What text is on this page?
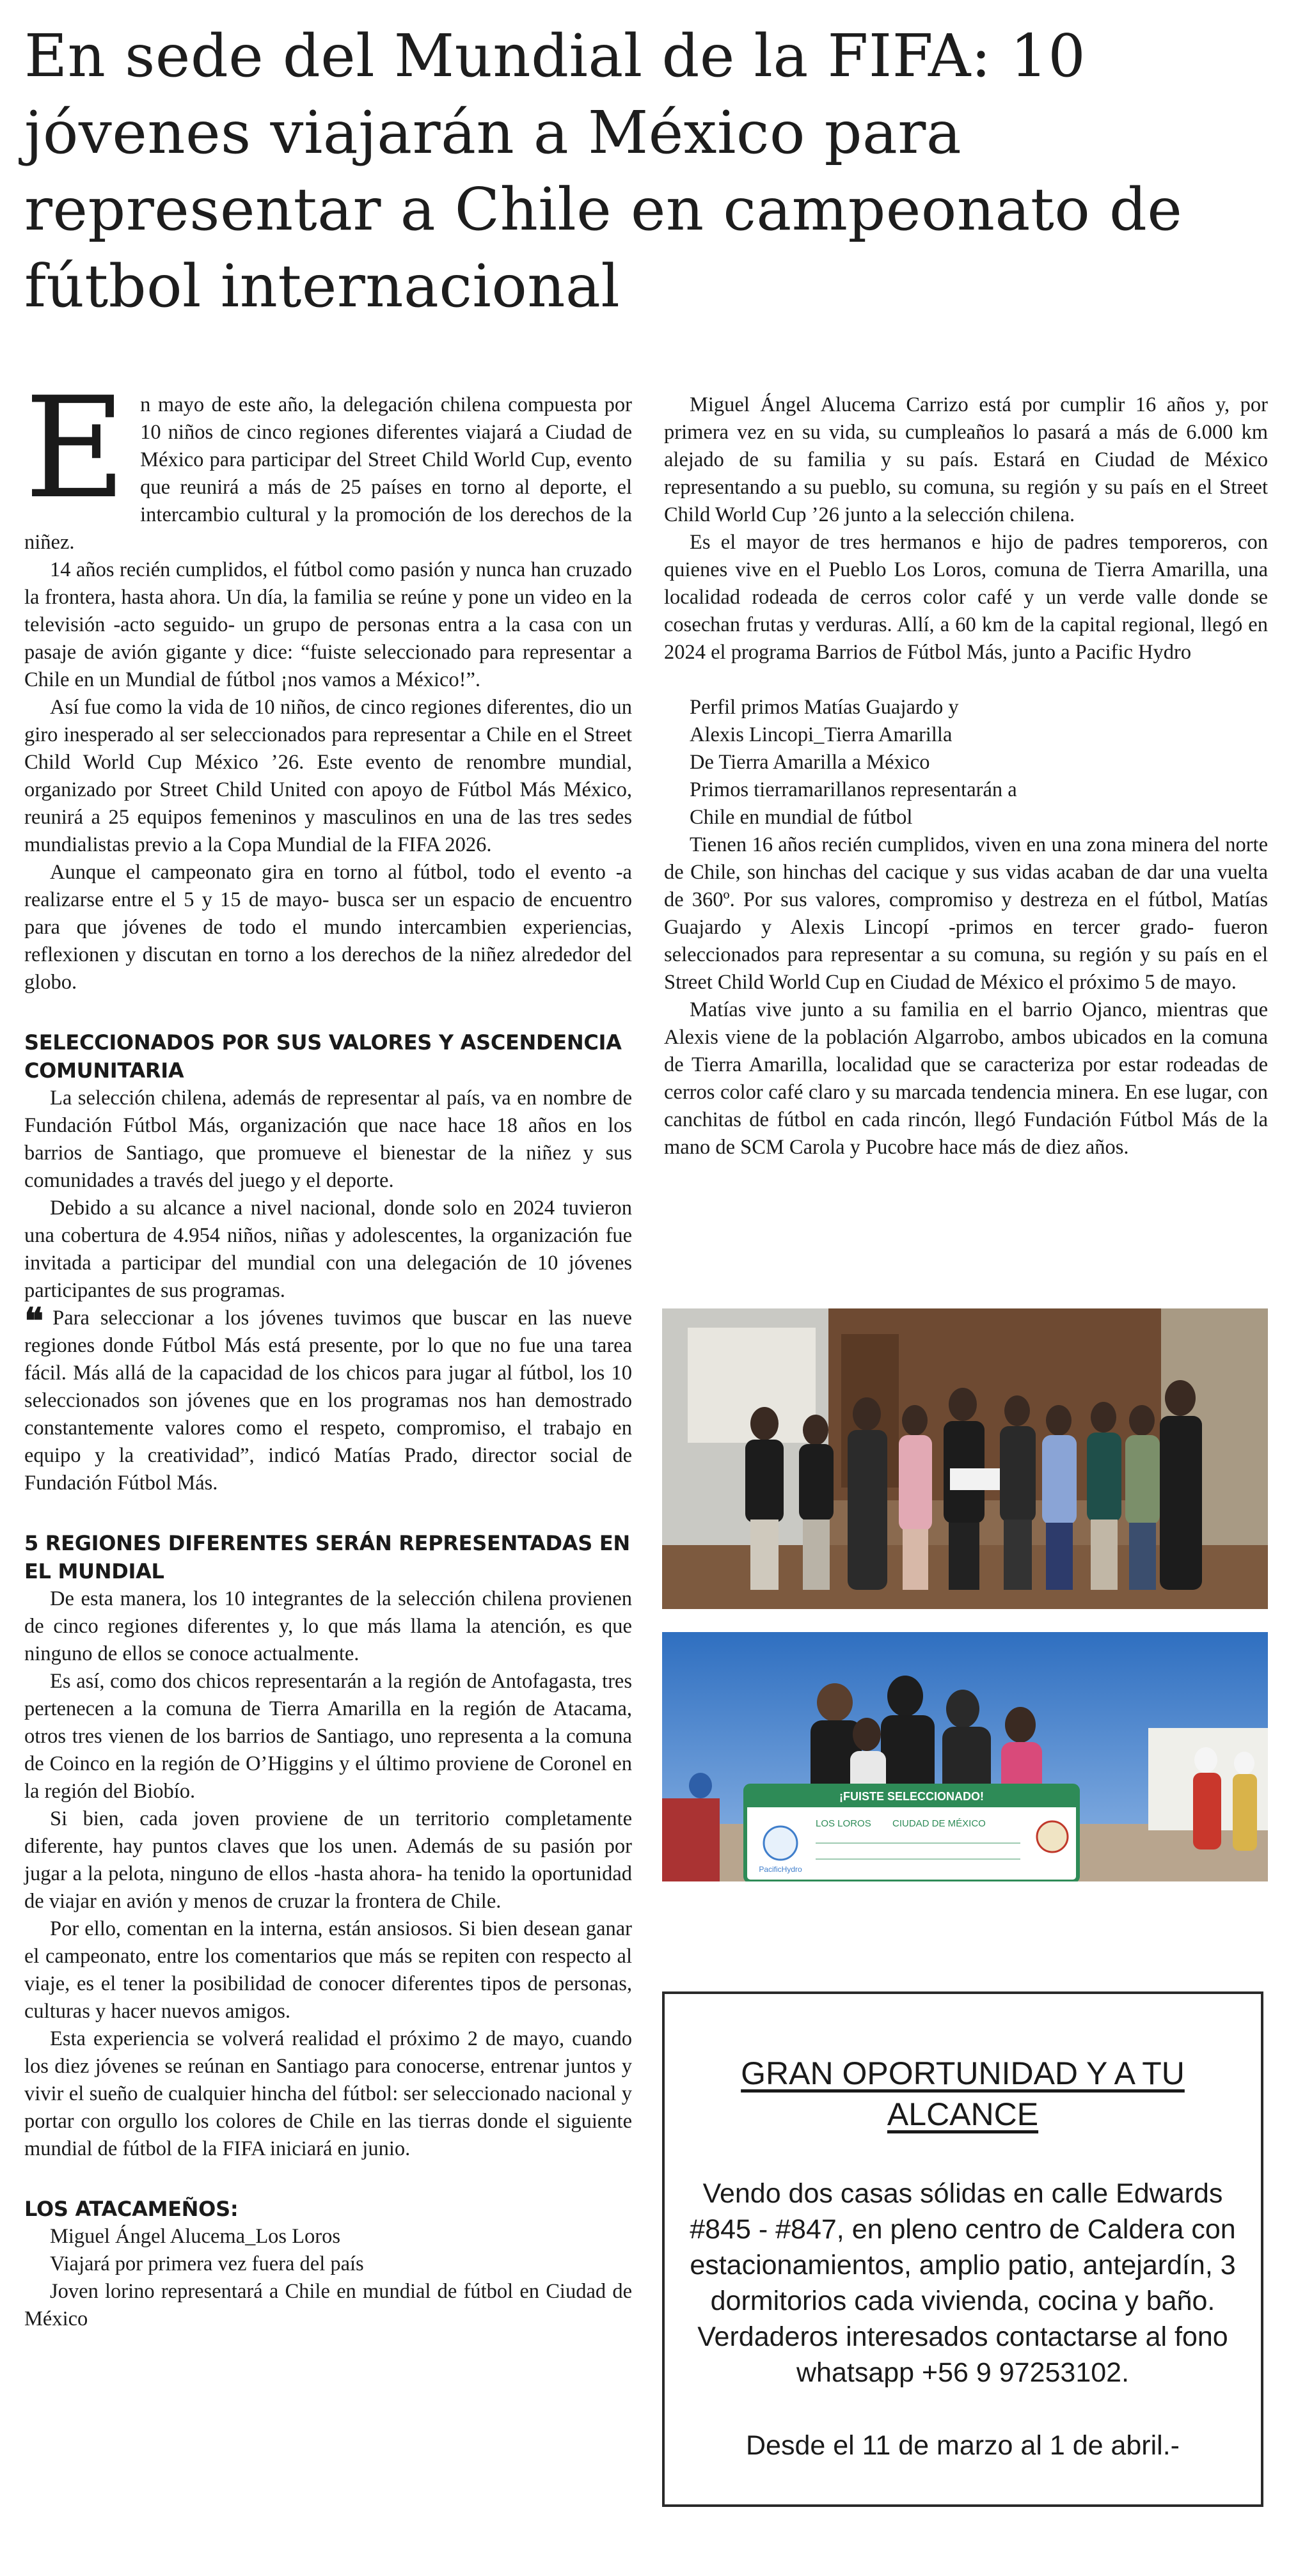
En sede del Mundial de la FIFA: 10 jóvenes viajarán a México para representar a Chile en campeonato de fútbol internacional

En mayo de este año, la delegación chilena compuesta por 10 niños de cinco regiones diferentes viajará a Ciudad de México para participar del Street Child World Cup, evento que reunirá a más de 25 países en torno al deporte, el intercambio cultural y la promoción de los derechos de la niñez.

14 años recién cumplidos, el fútbol como pasión y nunca han cruzado la frontera, hasta ahora. Un día, la familia se reúne y pone un video en la televisión -acto seguido- un grupo de personas entra a la casa con un pasaje de avión gigante y dice: “fuiste seleccionado para representar a Chile en un Mundial de fútbol ¡nos vamos a México!”.

Así fue como la vida de 10 niños, de cinco regiones diferentes, dio un giro inesperado al ser seleccionados para representar a Chile en el Street Child World Cup México ’26. Este evento de renombre mundial, organizado por Street Child United con apoyo de Fútbol Más México, reunirá a 25 equipos femeninos y masculinos en una de las tres sedes mundialistas previo a la Copa Mundial de la FIFA 2026.

Aunque el campeonato gira en torno al fútbol, todo el evento -a realizarse entre el 5 y 15 de mayo- busca ser un espacio de encuentro para que jóvenes de todo el mundo intercambien experiencias, reflexionen y discutan en torno a los derechos de la niñez alrededor del globo.

SELECCIONADOS POR SUS VALORES Y ASCENDENCIA COMUNITARIA

La selección chilena, además de representar al país, va en nombre de Fundación Fútbol Más, organización que nace hace 18 años en los barrios de Santiago, que promueve el bienestar de la niñez y sus comunidades a través del juego y el deporte.

Debido a su alcance a nivel nacional, donde solo en 2024 tuvieron una cobertura de 4.954 niños, niñas y adolescentes, la organización fue invitada a participar del mundial con una delegación de 10 jóvenes participantes de sus programas.

❝ Para seleccionar a los jóvenes tuvimos que buscar en las nueve regiones donde Fútbol Más está presente, por lo que no fue una tarea fácil. Más allá de la capacidad de los chicos para jugar al fútbol, los 10 seleccionados son jóvenes que en los programas nos han demostrado constantemente valores como el respeto, compromiso, el trabajo en equipo y la creatividad”, indicó Matías Prado, director social de Fundación Fútbol Más.

5 REGIONES DIFERENTES SERÁN REPRESENTADAS EN EL MUNDIAL

De esta manera, los 10 integrantes de la selección chilena provienen de cinco regiones diferentes y, lo que más llama la atención, es que ninguno de ellos se conoce actualmente.

Es así, como dos chicos representarán a la región de Antofagasta, tres pertenecen a la comuna de Tierra Amarilla en la región de Atacama, otros tres vienen de los barrios de Santiago, uno representa a la comuna de Coinco en la región de O’Higgins y el último proviene de Coronel en la región del Biobío.

Si bien, cada joven proviene de un territorio completamente diferente, hay puntos claves que los unen. Además de su pasión por jugar a la pelota, ninguno de ellos -hasta ahora- ha tenido la oportunidad de viajar en avión y menos de cruzar la frontera de Chile.

Por ello, comentan en la interna, están ansiosos. Si bien desean ganar el campeonato, entre los comentarios que más se repiten con respecto al viaje, es el tener la posibilidad de conocer diferentes tipos de personas, culturas y hacer nuevos amigos.

Esta experiencia se volverá realidad el próximo 2 de mayo, cuando los diez jóvenes se reúnan en Santiago para conocerse, entrenar juntos y vivir el sueño de cualquier hincha del fútbol: ser seleccionado nacional y portar con orgullo los colores de Chile en las tierras donde el siguiente mundial de fútbol de la FIFA iniciará en junio.

LOS ATACAMEÑOS:

Miguel Ángel Alucema_Los Loros

Viajará por primera vez fuera del país

Joven lorino representará a Chile en mundial de fútbol en Ciudad de México

Miguel Ángel Alucema Carrizo está por cumplir 16 años y, por primera vez en su vida, su cumpleaños lo pasará a más de 6.000 km alejado de su familia y su país. Estará en Ciudad de México representando a su pueblo, su comuna, su región y su país en el Street Child World Cup ’26 junto a la selección chilena.

Es el mayor de tres hermanos e hijo de padres temporeros, con quienes vive en el Pueblo Los Loros, comuna de Tierra Amarilla, una localidad rodeada de cerros color café y un verde valle donde se cosechan frutas y verduras. Allí, a 60 km de la capital regional, llegó en 2024 el programa Barrios de Fútbol Más, junto a Pacific Hydro

Perfil primos Matías Guajardo y

Alexis Lincopi_Tierra Amarilla

De Tierra Amarilla a México

Primos tierramarillanos representarán a

Chile en mundial de fútbol

Tienen 16 años recién cumplidos, viven en una zona minera del norte de Chile, son hinchas del cacique y sus vidas acaban de dar una vuelta de 360º. Por sus valores, compromiso y destreza en el fútbol, Matías Guajardo y Alexis Lincopí -primos en tercer grado- fueron seleccionados para representar a su comuna, su región y su país en el Street Child World Cup en Ciudad de México el próximo 5 de mayo.

Matías vive junto a su familia en el barrio Ojanco, mientras que Alexis viene de la población Algarrobo, ambos ubicados en la comuna de Tierra Amarilla, localidad que se caracteriza por estar rodeadas de cerros color café claro y su marcada tendencia minera. En ese lugar, con canchitas de fútbol en cada rincón, llegó Fundación Fútbol Más de la mano de SCM Carola y Pucobre hace más de diez años.

¡FUISTE SELECCIONADO!
LOS LOROS CIUDAD DE MÉXICO
PacificHydro
GRAN OPORTUNIDAD Y A TU ALCANCE
Vendo dos casas sólidas en calle Edwards #845 - #847, en pleno centro de Caldera con estacionamientos, amplio patio, antejardín, 3 dormitorios cada vivienda, cocina y baño. Verdaderos interesados contactarse al fono whatsapp +56 9 97253102.
Desde el 11 de marzo al 1 de abril.-
